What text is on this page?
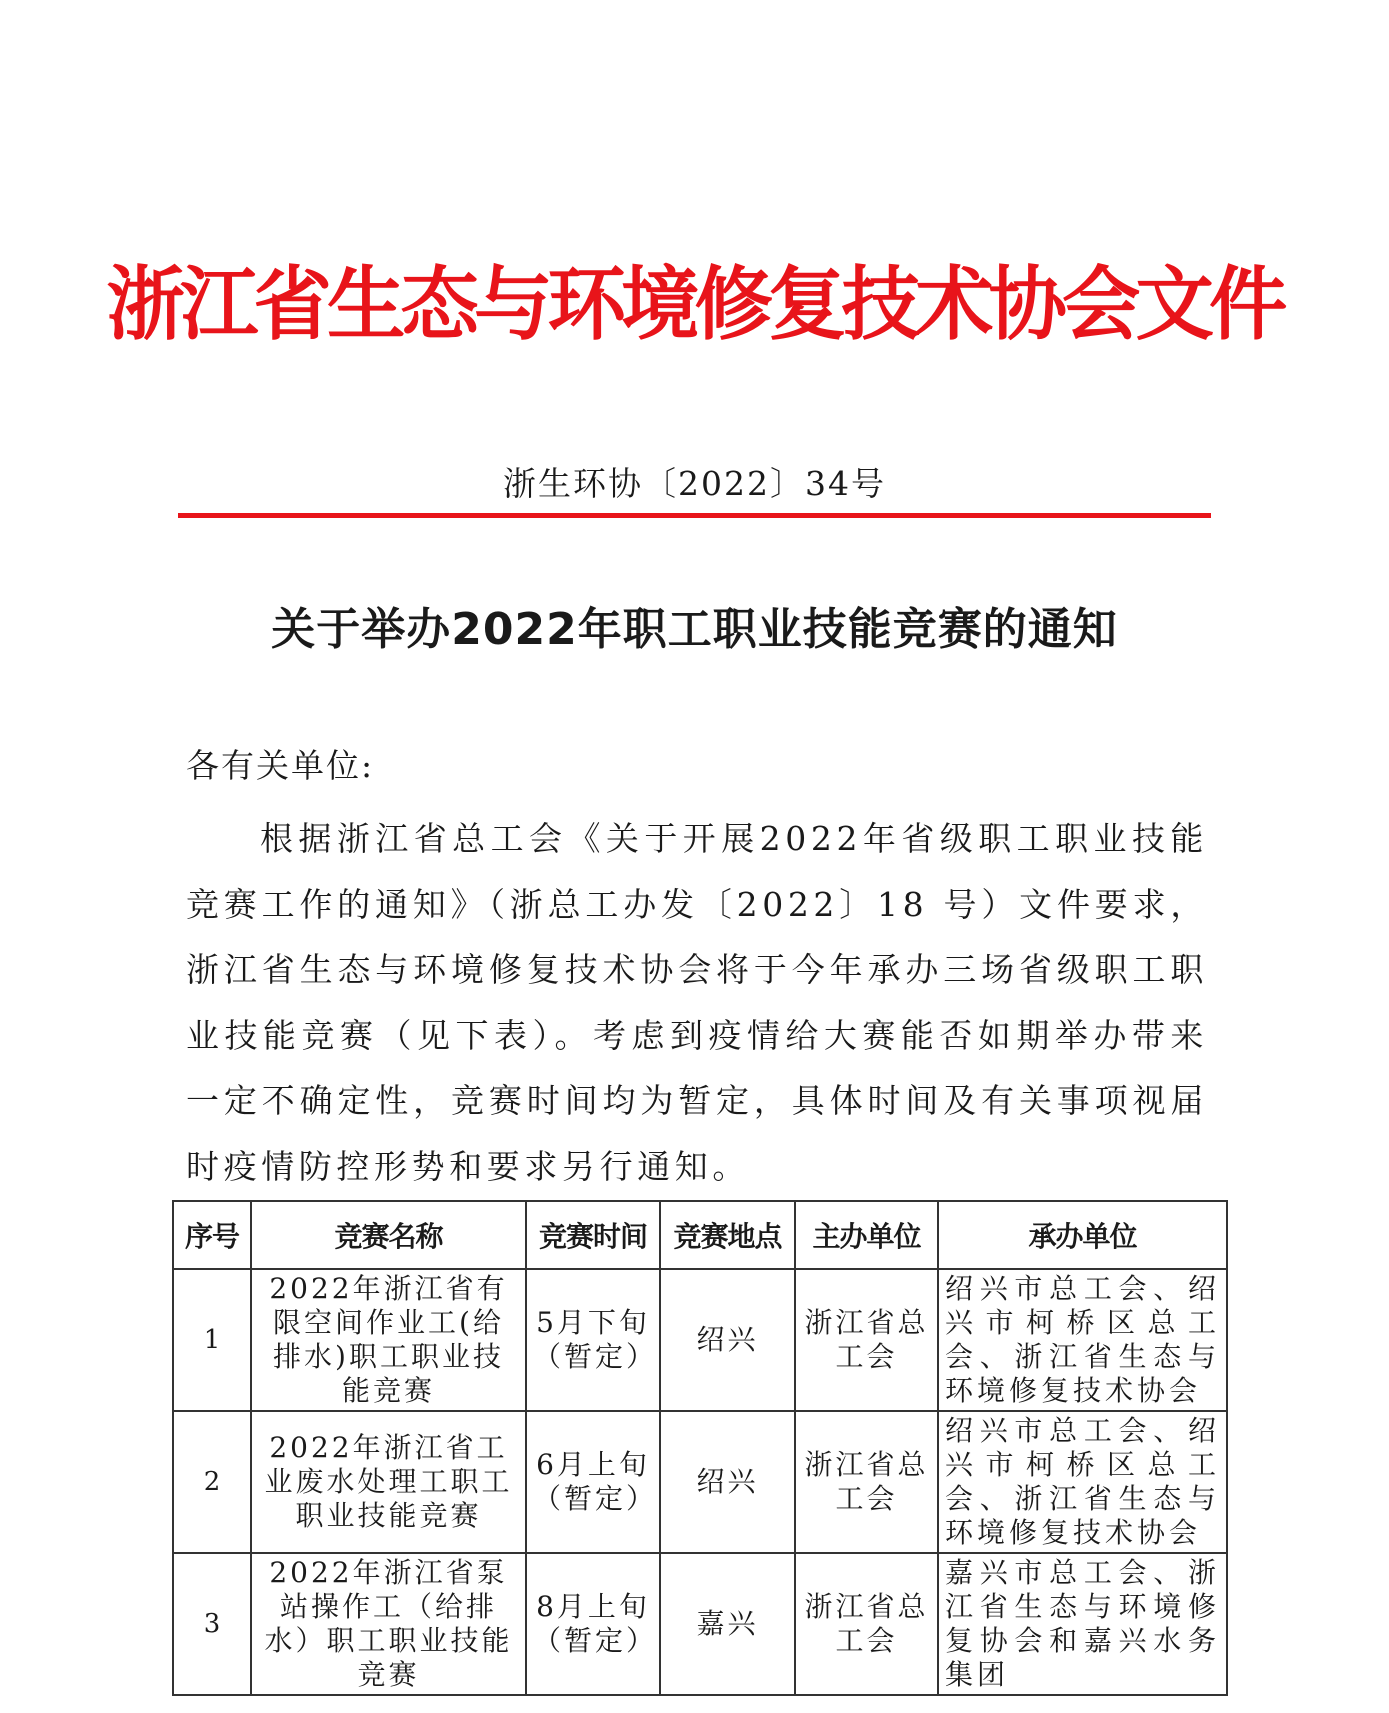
浙江省生态与环境修复技术协会文件
浙生环协〔2022〕34号
关于举办2022年职工职业技能竞赛的通知
各有关单位:

根据浙江省总工会《关于开展2022年省级职工职业技能竞赛工作的通知》（浙总工办发〔2022〕18 号）文件要求，浙江省生态与环境修复技术协会将于今年承办三场省级职工职业技能竞赛（见下表）。考虑到疫情给大赛能否如期举办带来一定不确定性，竞赛时间均为暂定，具体时间及有关事项视届时疫情防控形势和要求另行通知。

序号	竞赛名称	竞赛时间	竞赛地点	主办单位	承办单位
1	2022年浙江省有限空间作业工(给排水)职工职业技能竞赛	5月下旬（暂定）	绍兴	浙江省总工会	绍兴市总工会、绍兴市柯桥区总工会、浙江省生态与环境修复技术协会
2	2022年浙江省工业废水处理工职工职业技能竞赛	6月上旬（暂定）	绍兴	浙江省总工会	绍兴市总工会、绍兴市柯桥区总工会、浙江省生态与环境修复技术协会
3	2022年浙江省泵站操作工（给排水）职工职业技能竞赛	8月上旬（暂定）	嘉兴	浙江省总工会	嘉兴市总工会、浙江省生态与环境修复协会和嘉兴水务集团
